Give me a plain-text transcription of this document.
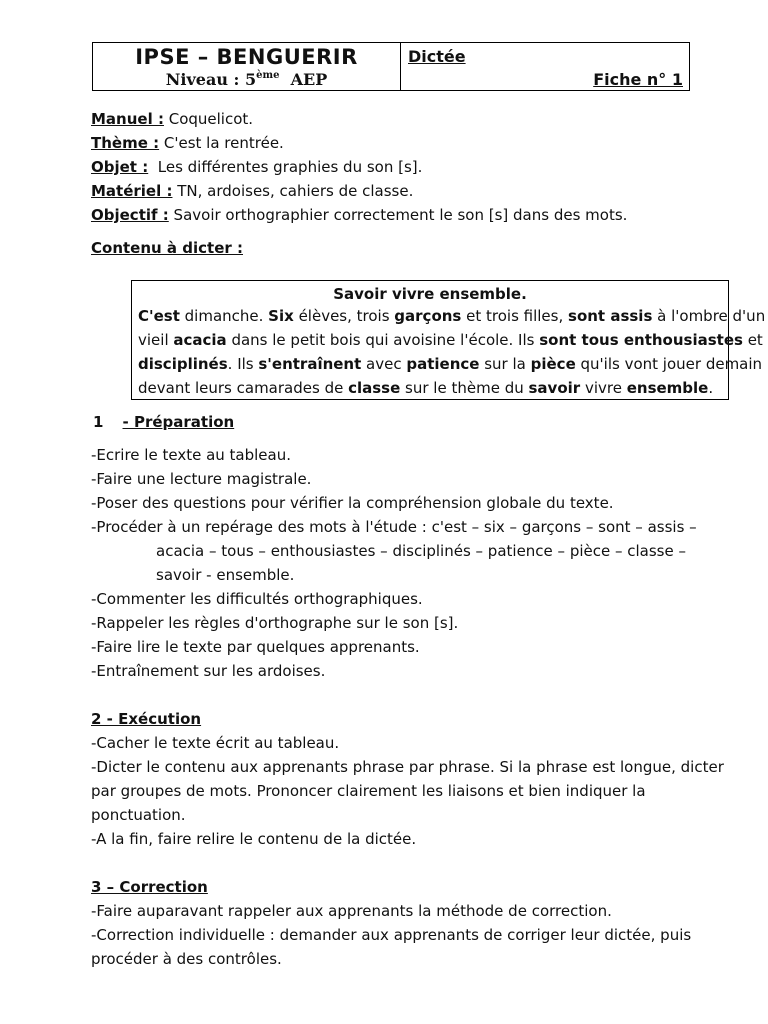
IPSE – BENGUERIR
Niveau : 5ème AEP
Dictée
Fiche n° 1
Manuel : Coquelicot.
Thème : C'est la rentrée.
Objet : Les différentes graphies du son [s].
Matériel : TN, ardoises, cahiers de classe.
Objectif : Savoir orthographier correctement le son [s] dans des mots.
Contenu à dicter :
Savoir vivre ensemble.
C'est dimanche. Six élèves, trois garçons et trois filles, sont assis à l'ombre d'un
vieil acacia dans le petit bois qui avoisine l'école. Ils sont tous enthousiastes et
disciplinés. Ils s'entraînent avec patience sur la pièce qu'ils vont jouer demain
devant leurs camarades de classe sur le thème du savoir vivre ensemble.
1 - Préparation
-Ecrire le texte au tableau.
-Faire une lecture magistrale.
-Poser des questions pour vérifier la compréhension globale du texte.
-Procéder à un repérage des mots à l'étude : c'est – six – garçons – sont – assis –
acacia – tous – enthousiastes – disciplinés – patience – pièce – classe –
savoir - ensemble.
-Commenter les difficultés orthographiques.
-Rappeler les règles d'orthographe sur le son [s].
-Faire lire le texte par quelques apprenants.
-Entraînement sur les ardoises.
2 - Exécution
-Cacher le texte écrit au tableau.
-Dicter le contenu aux apprenants phrase par phrase. Si la phrase est longue, dicter
par groupes de mots. Prononcer clairement les liaisons et bien indiquer la
ponctuation.
-A la fin, faire relire le contenu de la dictée.
3 – Correction
-Faire auparavant rappeler aux apprenants la méthode de correction.
-Correction individuelle : demander aux apprenants de corriger leur dictée, puis
procéder à des contrôles.
